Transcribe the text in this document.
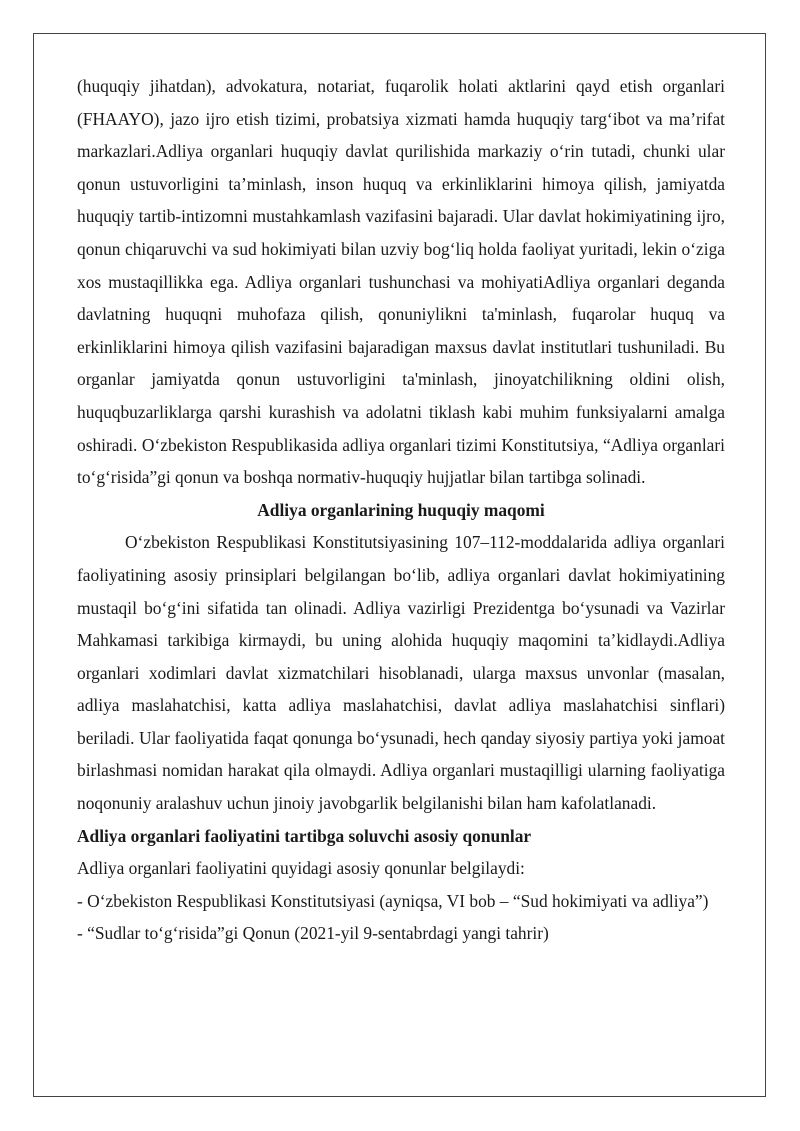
(huquqiy jihatdan), advokatura, notariat, fuqarolik holati aktlarini qayd etish organlari (FHAAYO), jazo ijro etish tizimi, probatsiya xizmati hamda huquqiy targ‘ibot va ma’rifat markazlari.Adliya organlari huquqiy davlat qurilishida markaziy o‘rin tutadi, chunki ular qonun ustuvorligini ta’minlash, inson huquq va erkinliklarini himoya qilish, jamiyatda huquqiy tartib-intizomni mustahkamlash vazifasini bajaradi. Ular davlat hokimiyatining ijro, qonun chiqaruvchi va sud hokimiyati bilan uzviy bog‘liq holda faoliyat yuritadi, lekin o‘ziga xos mustaqillikka ega. Adliya organlari tushunchasi va mohiyatiAdliya organlari deganda davlatning huquqni muhofaza qilish, qonuniylikni ta'minlash, fuqarolar huquq va erkinliklarini himoya qilish vazifasini bajaradigan maxsus davlat institutlari tushuniladi. Bu organlar jamiyatda qonun ustuvorligini ta'minlash, jinoyatchilikning oldini olish, huquqbuzarliklarga qarshi kurashish va adolatni tiklash kabi muhim funksiyalarni amalga oshiradi. O‘zbekiston Respublikasida adliya organlari tizimi Konstitutsiya, “Adliya organlari to‘g‘risida”gi qonun va boshqa normativ-huquqiy hujjatlar bilan tartibga solinadi.

Adliya organlarining huquqiy maqomi

O‘zbekiston Respublikasi Konstitutsiyasining 107–112-moddalarida adliya organlari faoliyatining asosiy prinsiplari belgilangan bo‘lib, adliya organlari davlat hokimiyatining mustaqil bo‘g‘ini sifatida tan olinadi. Adliya vazirligi Prezidentga bo‘ysunadi va Vazirlar Mahkamasi tarkibiga kirmaydi, bu uning alohida huquqiy maqomini ta’kidlaydi.Adliya organlari xodimlari davlat xizmatchilari hisoblanadi, ularga maxsus unvonlar (masalan, adliya maslahatchisi, katta adliya maslahatchisi, davlat adliya maslahatchisi sinflari) beriladi. Ular faoliyatida faqat qonunga bo‘ysunadi, hech qanday siyosiy partiya yoki jamoat birlashmasi nomidan harakat qila olmaydi. Adliya organlari mustaqilligi ularning faoliyatiga noqonuniy aralashuv uchun jinoiy javobgarlik belgilanishi bilan ham kafolatlanadi.

Adliya organlari faoliyatini tartibga soluvchi asosiy qonunlar

Adliya organlari faoliyatini quyidagi asosiy qonunlar belgilaydi:

- O‘zbekiston Respublikasi Konstitutsiyasi (ayniqsa, VI bob – “Sud hokimiyati va adliya”)

- “Sudlar to‘g‘risida”gi Qonun (2021-yil 9-sentabrdagi yangi tahrir)
